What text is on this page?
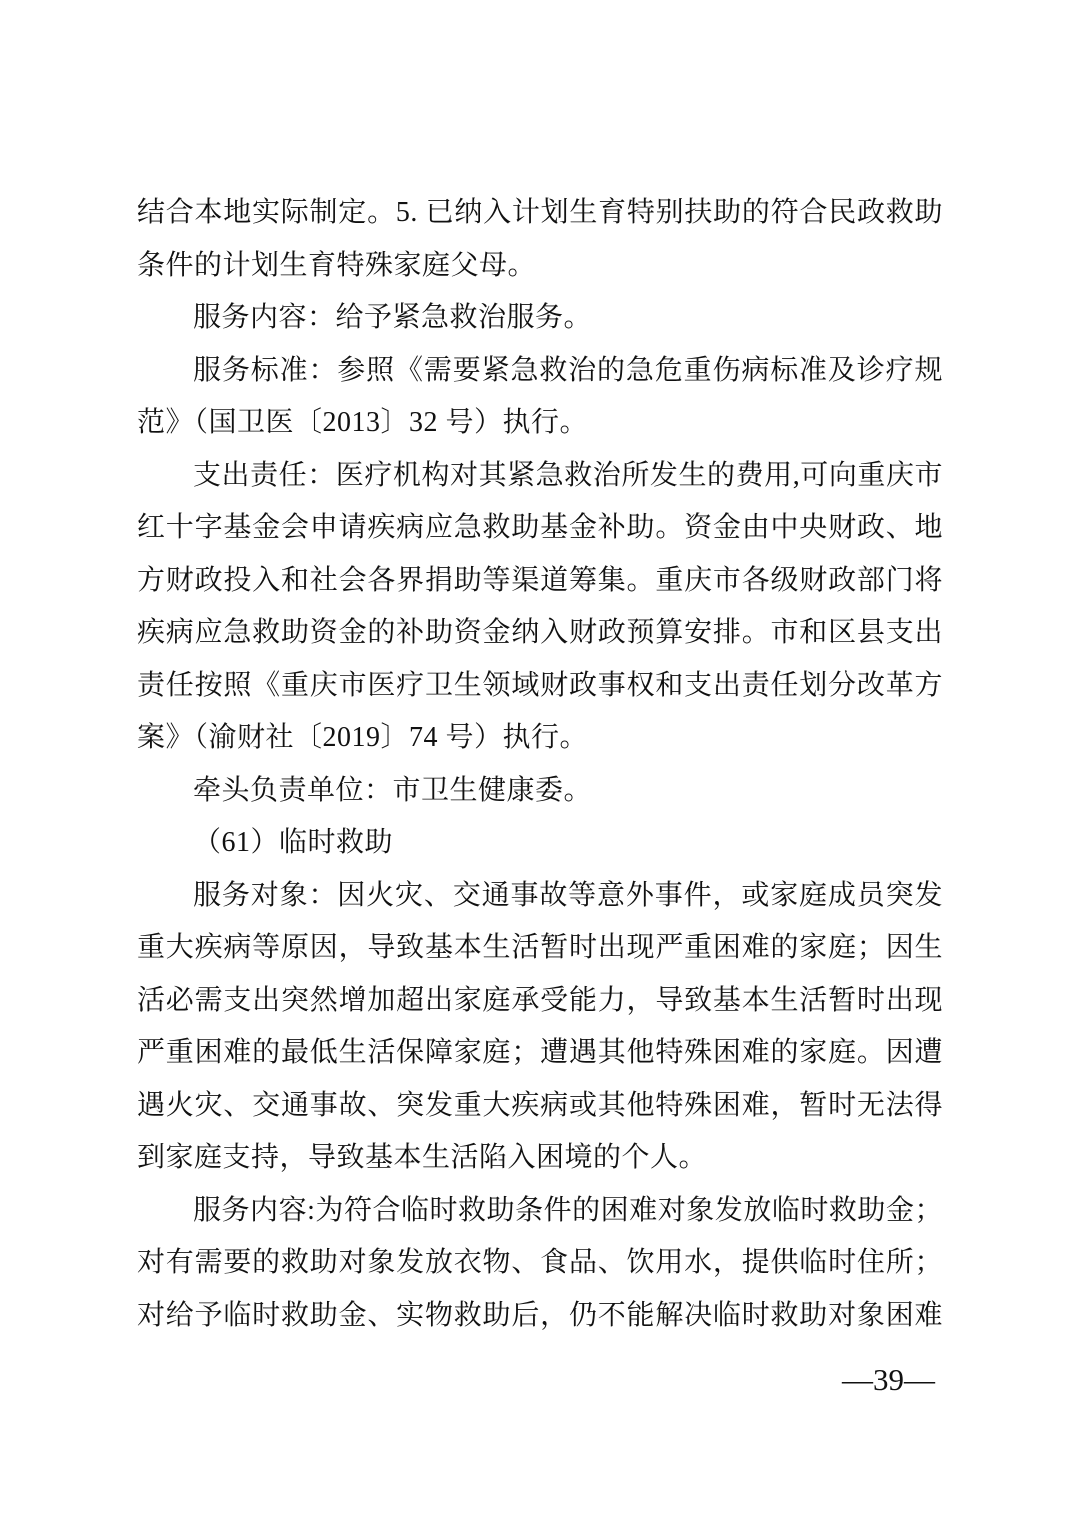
结合本地实际制定。5. 已纳入计划生育特别扶助的符合民政救助
条件的计划生育特殊家庭父母。
服务内容：给予紧急救治服务。
服务标准：参照《需要紧急救治的急危重伤病标准及诊疗规
范》（国卫医〔2013〕32 号）执行。
支出责任：医疗机构对其紧急救治所发生的费用,可向重庆市
红十字基金会申请疾病应急救助基金补助。资金由中央财政、地
方财政投入和社会各界捐助等渠道筹集。重庆市各级财政部门将
疾病应急救助资金的补助资金纳入财政预算安排。市和区县支出
责任按照《重庆市医疗卫生领域财政事权和支出责任划分改革方
案》（渝财社〔2019〕74 号）执行。
牵头负责单位：市卫生健康委。
（61）临时救助
服务对象：因火灾、交通事故等意外事件，或家庭成员突发
重大疾病等原因，导致基本生活暂时出现严重困难的家庭；因生
活必需支出突然增加超出家庭承受能力，导致基本生活暂时出现
严重困难的最低生活保障家庭；遭遇其他特殊困难的家庭。因遭
遇火灾、交通事故、突发重大疾病或其他特殊困难，暂时无法得
到家庭支持，导致基本生活陷入困境的个人。
服务内容:为符合临时救助条件的困难对象发放临时救助金；
对有需要的救助对象发放衣物、食品、饮用水，提供临时住所；
对给予临时救助金、实物救助后，仍不能解决临时救助对象困难
—39—
